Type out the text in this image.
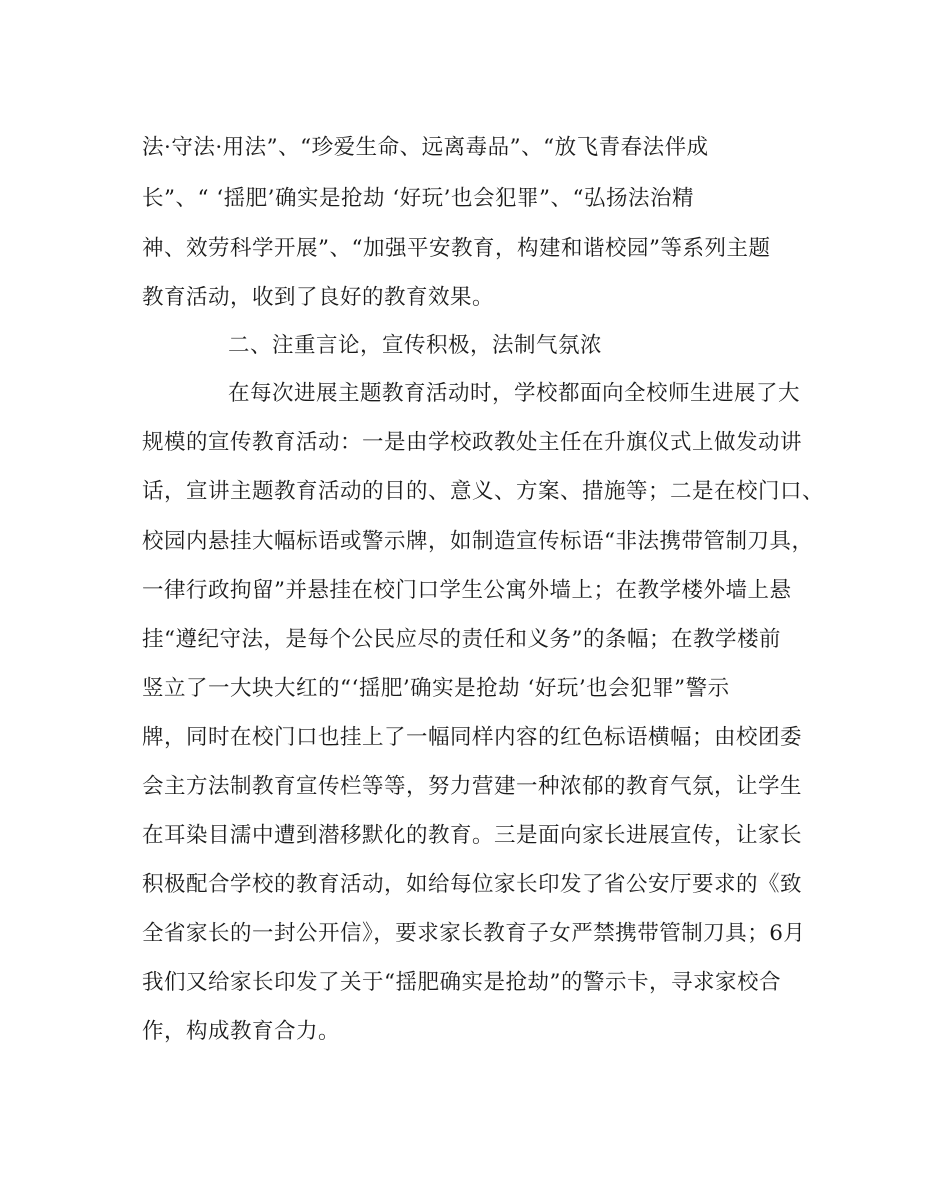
法·守法·用法”、“珍爱生命、远离毒品”、“放飞青春法伴成
长”、“ ‘揺肥’确实是抢劫 ‘好玩’也会犯罪”、“弘扬法治精
神、效劳科学开展”、“加强平安教育，构建和谐校园”等系列主题
教育活动，收到了良好的教育效果。
二、注重言论，宣传积极，法制气氛浓
在每次进展主题教育活动时，学校都面向全校师生进展了大
规模的宣传教育活动：一是由学校政教处主任在升旗仪式上做发动讲
话，宣讲主题教育活动的目的、意义、方案、措施等；二是在校门口、
校园内悬挂大幅标语或警示牌，如制造宣传标语“非法携带管制刀具，
一律行政拘留”并悬挂在校门口学生公寓外墙上；在教学楼外墙上悬
挂“遵纪守法，是每个公民应尽的责任和义务”的条幅；在教学楼前
竖立了一大块大红的“‘揺肥’确实是抢劫 ‘好玩’也会犯罪”警示
牌，同时在校门口也挂上了一幅同样内容的红色标语横幅；由校团委
会主方法制教育宣传栏等等，努力营建一种浓郁的教育气氛，让学生
在耳染目濡中遭到潜移默化的教育。三是面向家长进展宣传，让家长
积极配合学校的教育活动，如给每位家长印发了省公安厅要求的《致
全省家长的一封公开信》，要求家长教育子女严禁携带管制刀具；6月
我们又给家长印发了关于“揺肥确实是抢劫”的警示卡，寻求家校合
作，构成教育合力。
